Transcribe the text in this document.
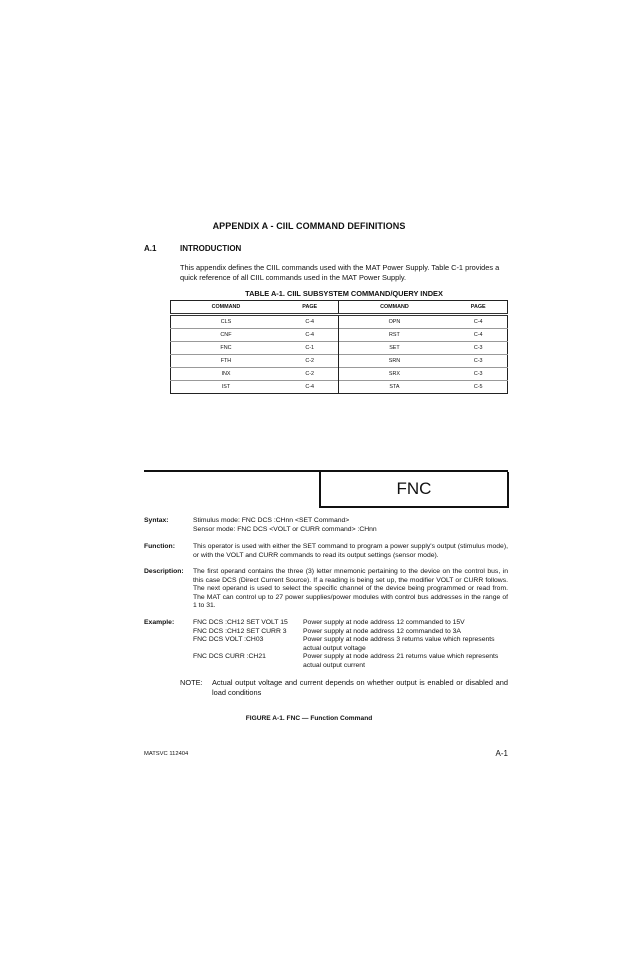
APPENDIX A - CIIL COMMAND DEFINITIONS
A.1	INTRODUCTION
This appendix defines the CIIL commands used with the MAT Power Supply. Table C-1 provides a quick reference of all CIIL commands used in the MAT Power Supply.
TABLE A-1. CIIL SUBSYSTEM COMMAND/QUERY INDEX
COMMAND	PAGE	COMMAND	PAGE
CLS	C-4	OPN	C-4
CNF	C-4	RST	C-4
FNC	C-1	SET	C-3
FTH	C-2	SRN	C-3
INX	C-2	SRX	C-3
IST	C-4	STA	C-5
FNC
Syntax:	Stimulus mode: FNC DCS :CHnn <SET Command>
Sensor mode: FNC DCS <VOLT or CURR command> :CHnn
Function:	This operator is used with either the SET command to program a power supply's output (stimulus mode), or with the VOLT and CURR commands to read its output settings (sensor mode).
Description: The first operand contains the three (3) letter mnemonic pertaining to the device on the control bus, in this case DCS (Direct Current Source). If a reading is being set up, the modifier VOLT or CURR follows. The next operand is used to select the specific channel of the device being programmed or read from. The MAT can control up to 27 power supplies/power modules with control bus addresses in the range of 1 to 31.
Example:	FNC DCS :CH12 SET VOLT 15 Power supply at node address 12 commanded to 15V
FNC DCS :CH12 SET CURR 3 Power supply at node address 12 commanded to 3A
FNC DCS VOLT :CH03	Power supply at node address 3 returns value which represents actual output voltage
FNC DCS CURR :CH21	Power supply at node address 21 returns value which represents actual output current
NOTE: Actual output voltage and current depends on whether output is enabled or disabled and load conditions
FIGURE A-1. FNC — Function Command
MATSVC 112404	A-1
